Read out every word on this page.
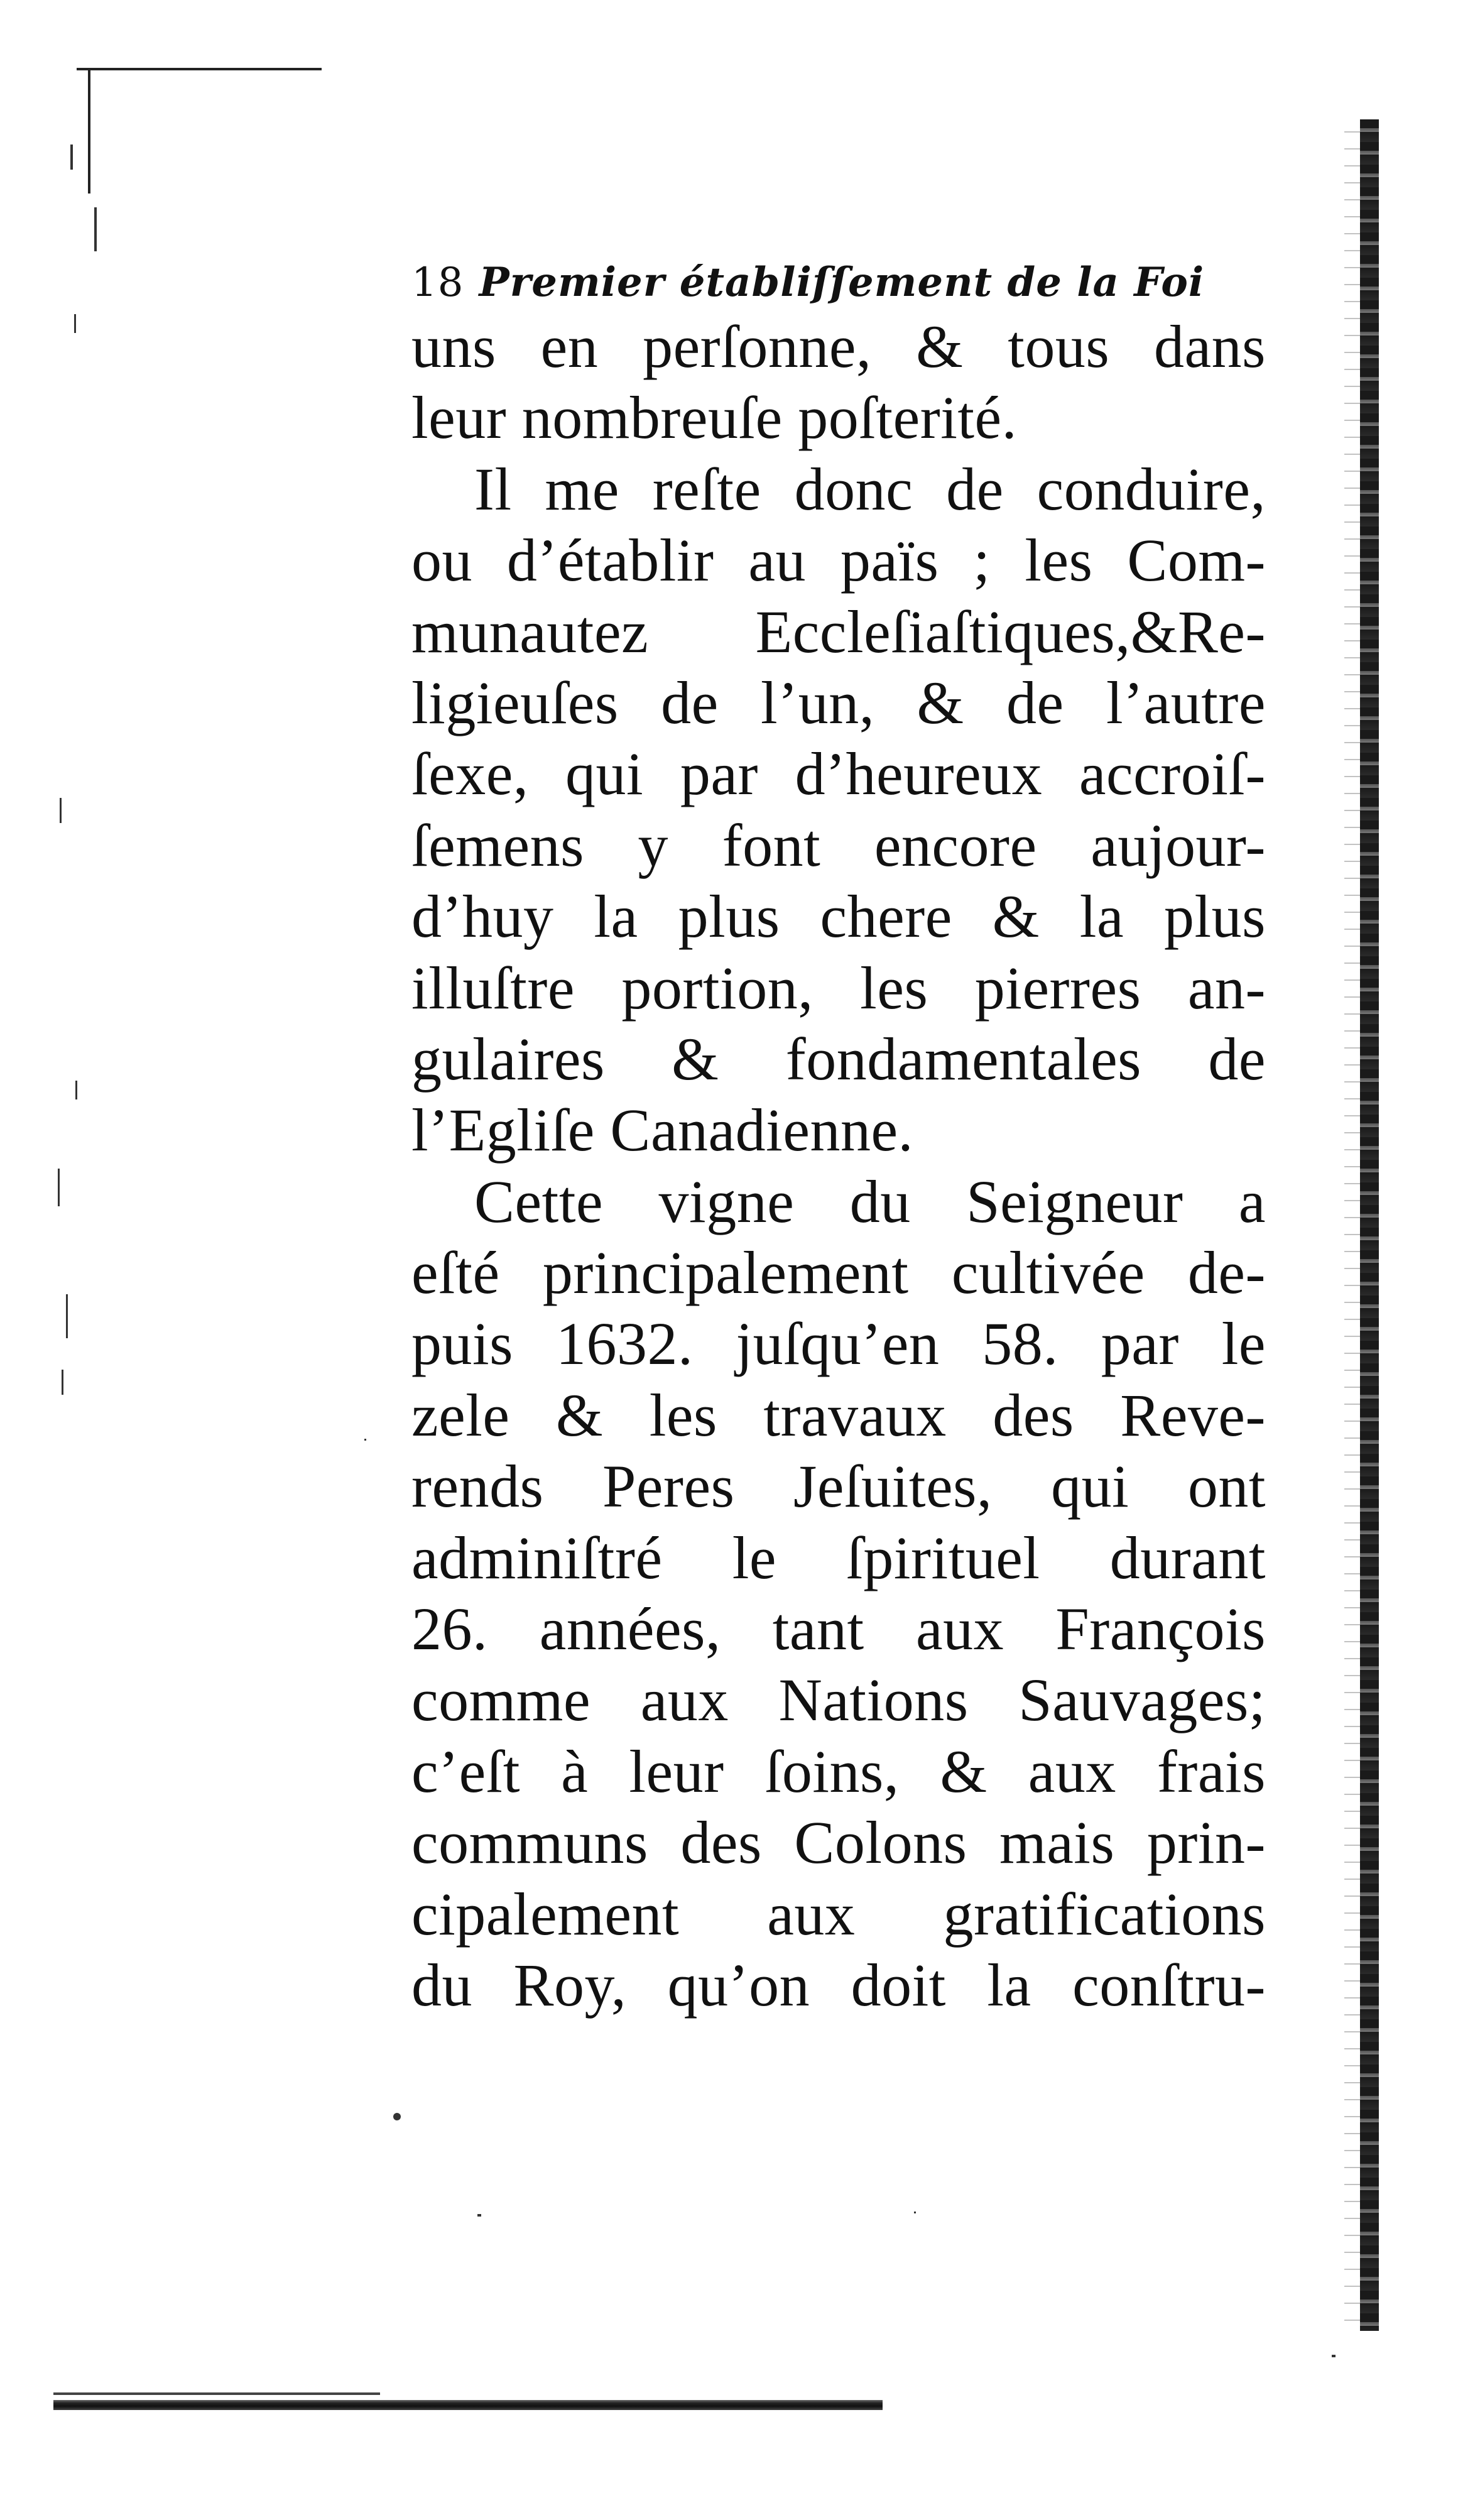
18 Premier établiſſement de la Foi
uns en perſonne, & tous dans
leur nombreuſe poſterité.
Il me reſte donc de conduire,
ou d’établir au païs ; les Com-
munautez Eccleſiaſtiques,&Re-
ligieuſes de l’un, & de l’autre
ſexe, qui par d’heureux accroiſ-
ſemens y font encore aujour-
d’huy la plus chere & la plus
illuſtre portion, les pierres an-
gulaires & fondamentales de
l’Egliſe Canadienne.
Cette vigne du Seigneur a
eſté principalement cultivée de-
puis 1632. juſqu’en 58. par le
zele & les travaux des Reve-
rends Peres Jeſuites, qui ont
adminiſtré le ſpirituel durant
26. années, tant aux François
comme aux Nations Sauvages;
c’eſt à leur ſoins, & aux frais
communs des Colons mais prin-
cipalement aux gratifications
du Roy, qu’on doit la conſtru-
